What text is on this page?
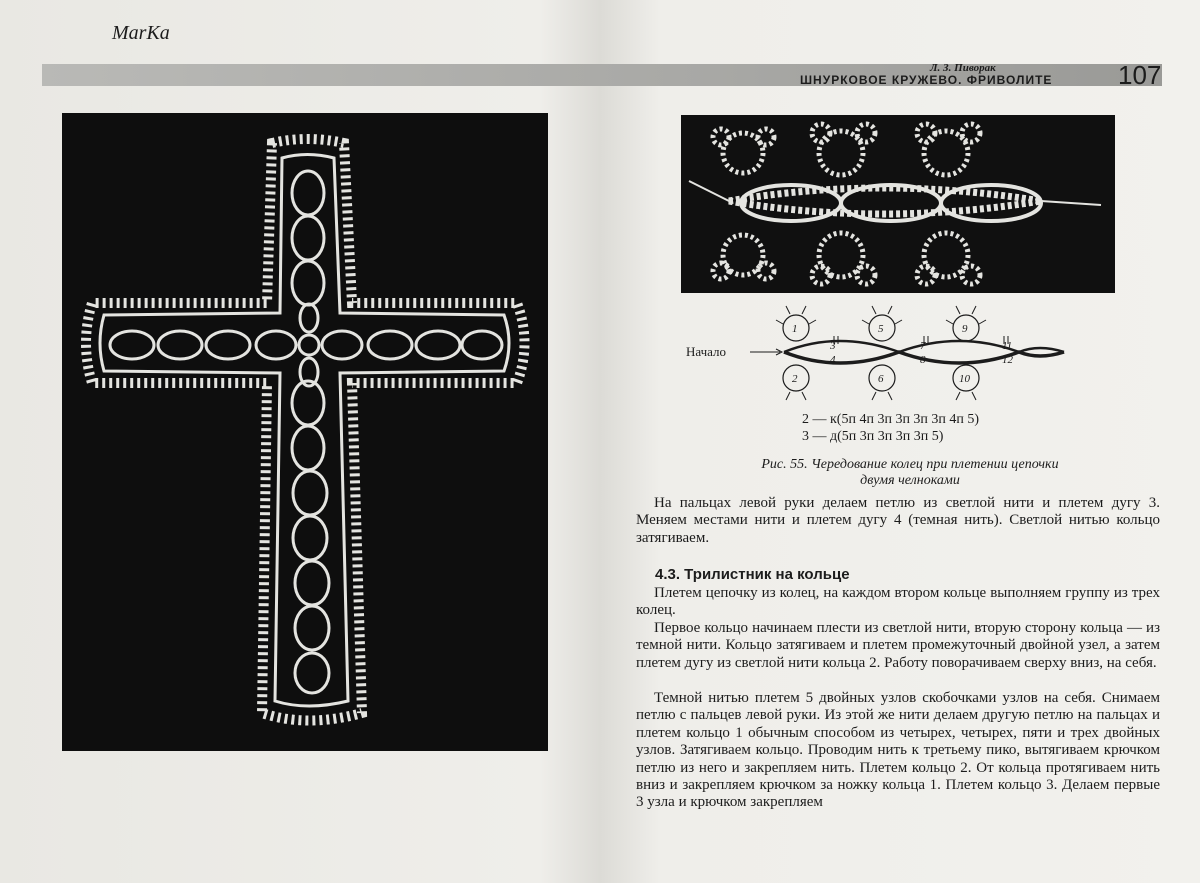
MarKa
Л. З. Пиворак
ШНУРКОВОЕ КРУЖЕВО. ФРИВОЛИТЕ	107
Начало
1
2
3
4
5
6
7
8
9
10
11
12
2 — к(5п 4п 3п 3п 3п 3п 4п 5)
3 — д(5п 3п 3п 3п 3п 5)
Рис. 55. Чередование колец при плетении цепочки
двумя челноками

На пальцах левой руки делаем петлю из светлой нити и плетем дугу 3. Меняем местами нити и плетем дугу 4 (темная нить). Светлой нитью кольцо затягиваем.

4.3. Трилистник на кольце

Плетем цепочку из колец, на каждом втором кольце выполняем группу из трех колец.

Первое кольцо начинаем плести из светлой нити, вторую сторону кольца — из темной нити. Кольцо затягиваем и плетем промежуточный двойной узел, а затем плетем дугу из светлой нити кольца 2. Работу поворачиваем сверху вниз, на себя.

Темной нитью плетем 5 двойных узлов скобочками узлов на себя. Снимаем петлю с пальцев левой руки. Из этой же нити делаем другую петлю на пальцах и плетем кольцо 1 обычным способом из четырех, четырех, пяти и трех двойных узлов. Затягиваем кольцо. Проводим нить к третьему пико, вытягиваем крючком петлю из него и закрепляем нить. Плетем кольцо 2. От кольца протягиваем нить вниз и закрепляем крючком за ножку кольца 1. Плетем кольцо 3. Делаем первые 3 узла и крючком закрепляем
